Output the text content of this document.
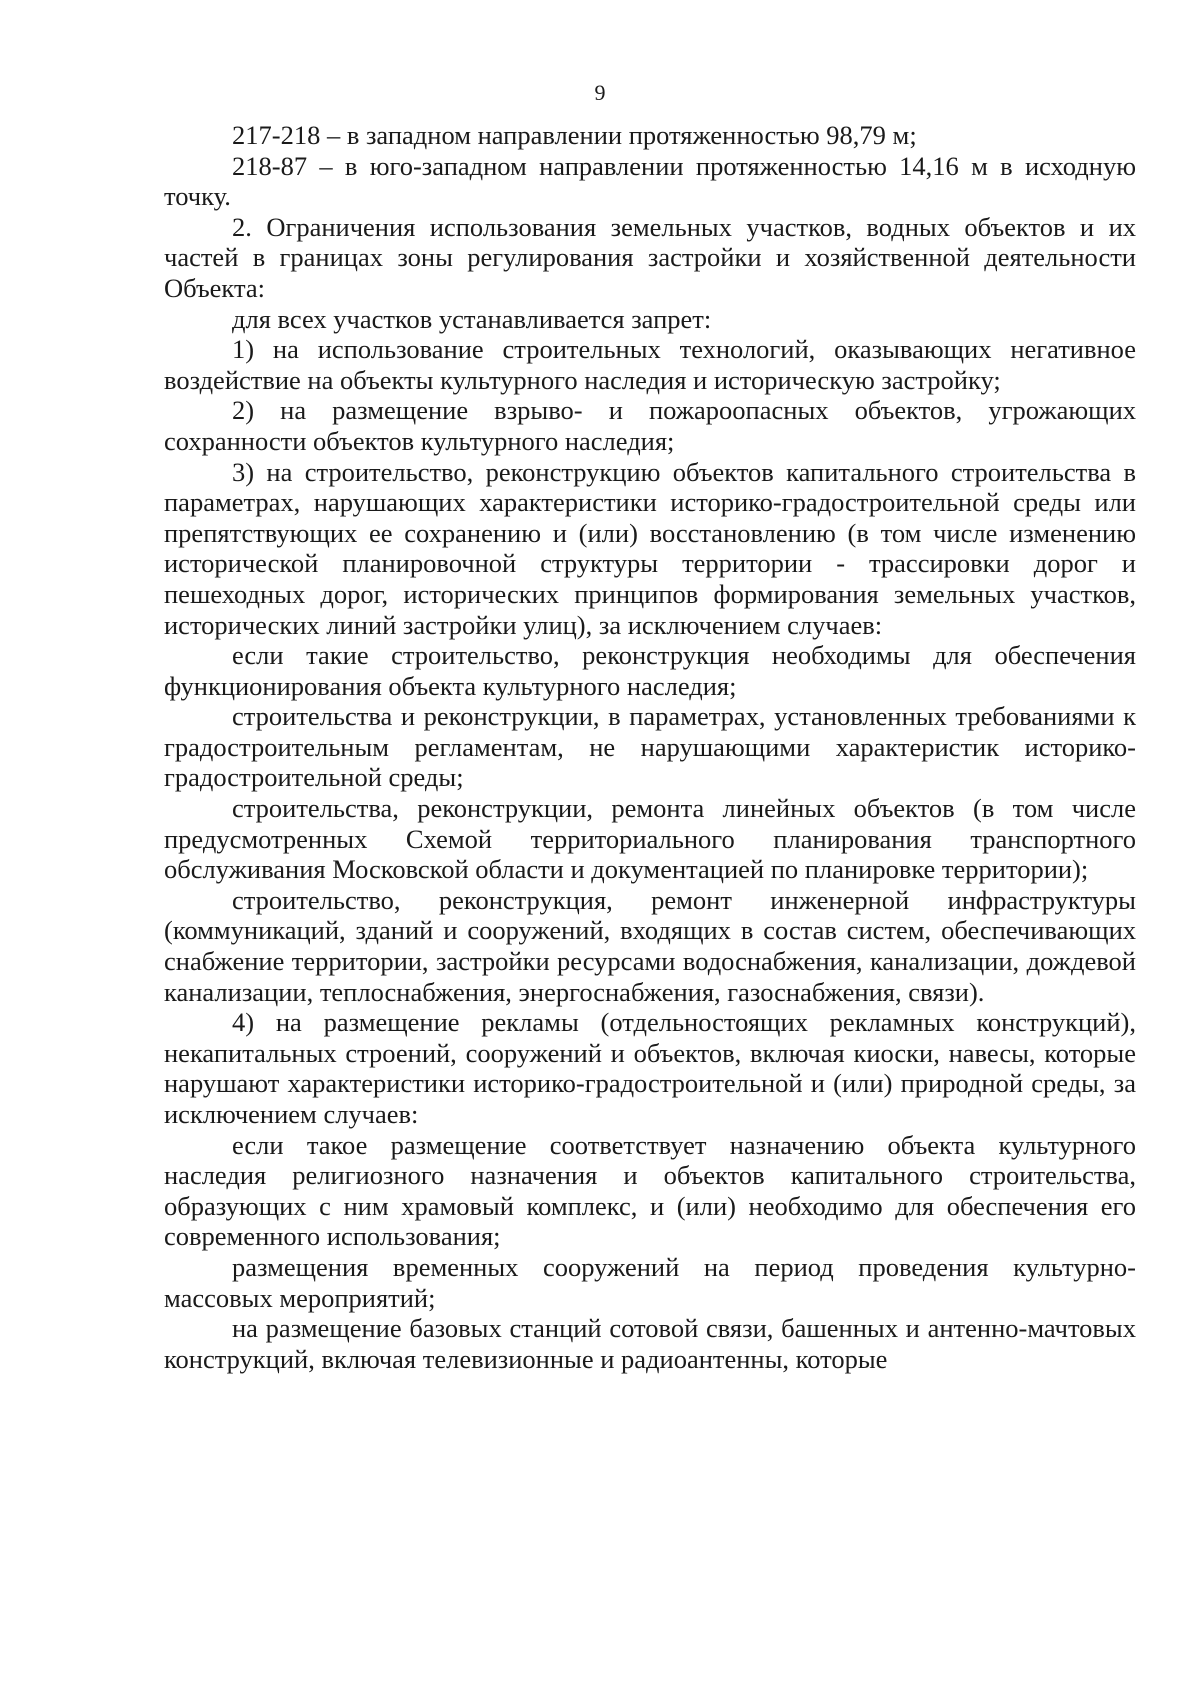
9

217-218 – в западном направлении протяженностью 98,79 м;

218-87 – в юго-западном направлении протяженностью 14,16 м в исходную точку.

2. Ограничения использования земельных участков, водных объектов и их частей в границах зоны регулирования застройки и хозяйственной деятельности Объекта:

для всех участков устанавливается запрет:

1) на использование строительных технологий, оказывающих негативное воздействие на объекты культурного наследия и историческую застройку;

2) на размещение взрыво- и пожароопасных объектов, угрожающих сохранности объектов культурного наследия;

3) на строительство, реконструкцию объектов капитального строительства в параметрах, нарушающих характеристики историко-градостроительной среды или препятствующих ее сохранению и (или) восстановлению (в том числе изменению исторической планировочной структуры территории - трассировки дорог и пешеходных дорог, исторических принципов формирования земельных участков, исторических линий застройки улиц), за исключением случаев:

если такие строительство, реконструкция необходимы для обеспечения функционирования объекта культурного наследия;

строительства и реконструкции, в параметрах, установленных требованиями к градостроительным регламентам, не нарушающими характеристик историко- градостроительной среды;

строительства, реконструкции, ремонта линейных объектов (в том числе предусмотренных Схемой территориального планирования транспортного обслуживания Московской области и документацией по планировке территории);

строительство, реконструкция, ремонт инженерной инфраструктуры (коммуникаций, зданий и сооружений, входящих в состав систем, обеспечивающих снабжение территории, застройки ресурсами водоснабжения, канализации, дождевой канализации, теплоснабжения, энергоснабжения, газоснабжения, связи).

4) на размещение рекламы (отдельностоящих рекламных конструкций), некапитальных строений, сооружений и объектов, включая киоски, навесы, которые нарушают характеристики историко-градостроительной и (или) природной среды, за исключением случаев:

если такое размещение соответствует назначению объекта культурного наследия религиозного назначения и объектов капитального строительства, образующих с ним храмовый комплекс, и (или) необходимо для обеспечения его современного использования;

размещения временных сооружений на период проведения культурно-массовых мероприятий;

на размещение базовых станций сотовой связи, башенных и антенно-мачтовых конструкций, включая телевизионные и радиоантенны, которые
